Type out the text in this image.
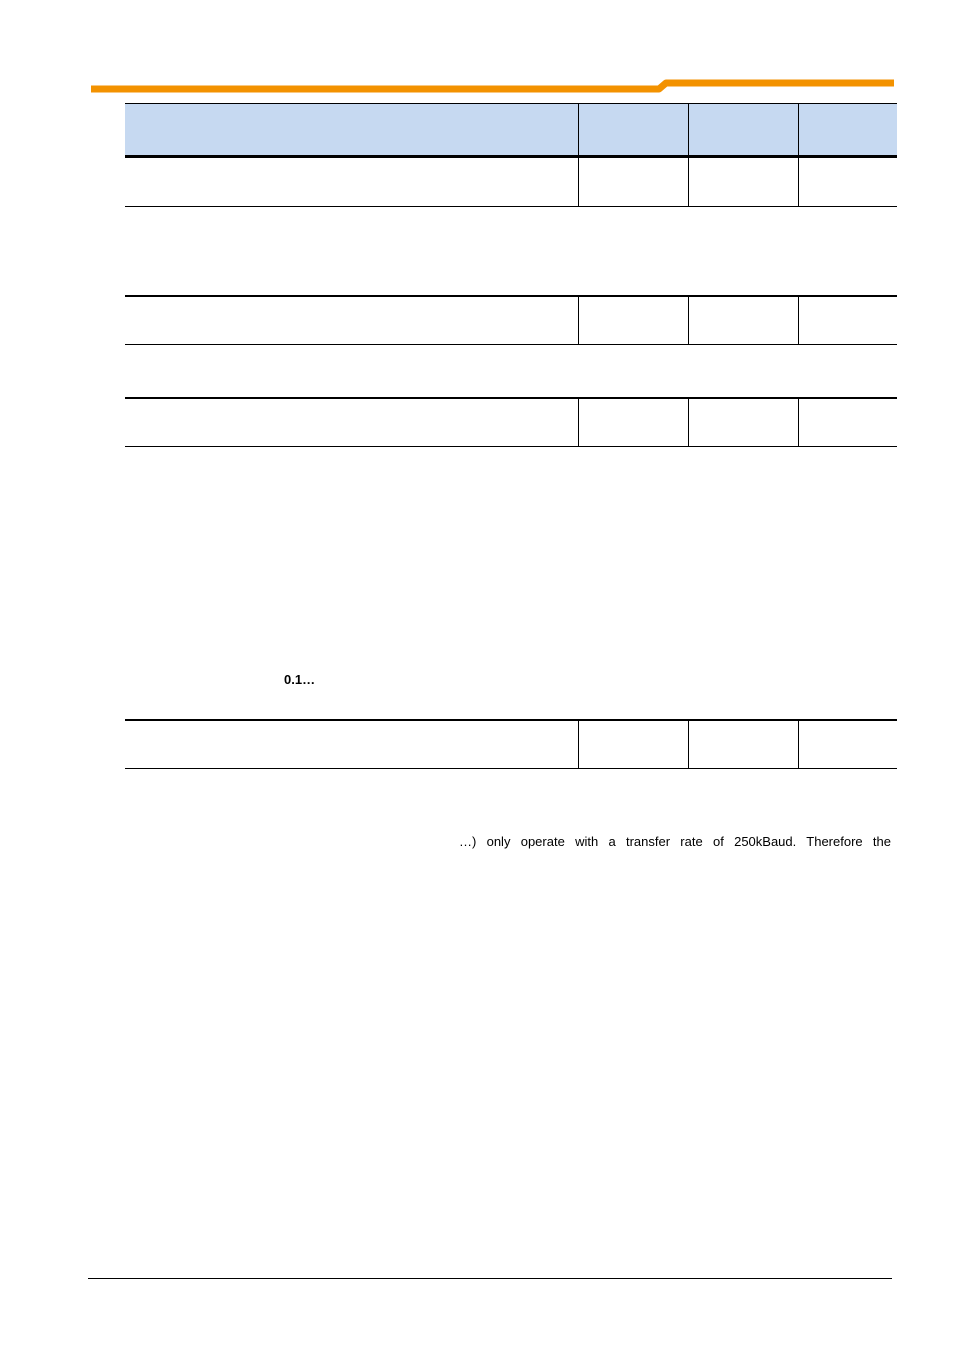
0.1…
…) only operate with a transfer rate of 250kBaud. Therefore the
